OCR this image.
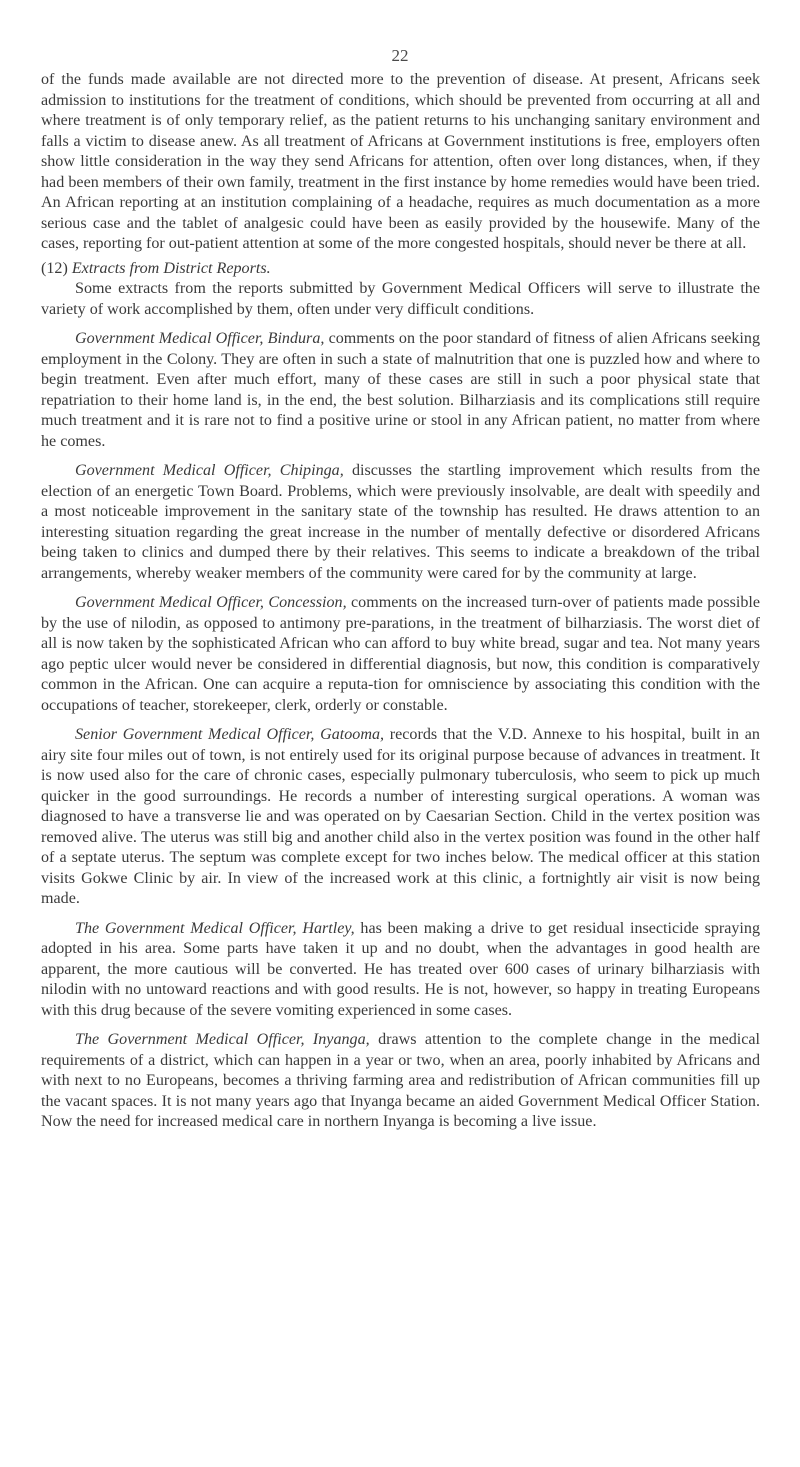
22

of the funds made available are not directed more to the prevention of disease. At present, Africans seek admission to institutions for the treatment of conditions, which should be prevented from occurring at all and where treatment is of only temporary relief, as the patient returns to his unchanging sanitary environment and falls a victim to disease anew. As all treatment of Africans at Government institutions is free, employers often show little consideration in the way they send Africans for attention, often over long distances, when, if they had been members of their own family, treatment in the first instance by home remedies would have been tried. An African reporting at an institution complaining of a headache, requires as much documentation as a more serious case and the tablet of analgesic could have been as easily provided by the housewife. Many of the cases, reporting for out-patient attention at some of the more congested hospitals, should never be there at all.

(12) Extracts from District Reports.

Some extracts from the reports submitted by Government Medical Officers will serve to illustrate the variety of work accomplished by them, often under very difficult conditions.

Government Medical Officer, Bindura, comments on the poor standard of fitness of alien Africans seeking employment in the Colony. They are often in such a state of malnutrition that one is puzzled how and where to begin treatment. Even after much effort, many of these cases are still in such a poor physical state that repatriation to their home land is, in the end, the best solution. Bilharziasis and its complications still require much treatment and it is rare not to find a positive urine or stool in any African patient, no matter from where he comes.

Government Medical Officer, Chipinga, discusses the startling improvement which results from the election of an energetic Town Board. Problems, which were previously insolvable, are dealt with speedily and a most noticeable improvement in the sanitary state of the township has resulted. He draws attention to an interesting situation regarding the great increase in the number of mentally defective or disordered Africans being taken to clinics and dumped there by their relatives. This seems to indicate a breakdown of the tribal arrangements, whereby weaker members of the community were cared for by the community at large.

Government Medical Officer, Concession, comments on the increased turn-over of patients made possible by the use of nilodin, as opposed to antimony pre-parations, in the treatment of bilharziasis. The worst diet of all is now taken by the sophisticated African who can afford to buy white bread, sugar and tea. Not many years ago peptic ulcer would never be considered in differential diagnosis, but now, this condition is comparatively common in the African. One can acquire a reputa-tion for omniscience by associating this condition with the occupations of teacher, storekeeper, clerk, orderly or constable.

Senior Government Medical Officer, Gatooma, records that the V.D. Annexe to his hospital, built in an airy site four miles out of town, is not entirely used for its original purpose because of advances in treatment. It is now used also for the care of chronic cases, especially pulmonary tuberculosis, who seem to pick up much quicker in the good surroundings. He records a number of interesting surgical operations. A woman was diagnosed to have a transverse lie and was operated on by Caesarian Section. Child in the vertex position was removed alive. The uterus was still big and another child also in the vertex position was found in the other half of a septate uterus. The septum was complete except for two inches below. The medical officer at this station visits Gokwe Clinic by air. In view of the increased work at this clinic, a fortnightly air visit is now being made.

The Government Medical Officer, Hartley, has been making a drive to get residual insecticide spraying adopted in his area. Some parts have taken it up and no doubt, when the advantages in good health are apparent, the more cautious will be converted. He has treated over 600 cases of urinary bilharziasis with nilodin with no untoward reactions and with good results. He is not, however, so happy in treating Europeans with this drug because of the severe vomiting experienced in some cases.

The Government Medical Officer, Inyanga, draws attention to the complete change in the medical requirements of a district, which can happen in a year or two, when an area, poorly inhabited by Africans and with next to no Europeans, becomes a thriving farming area and redistribution of African communities fill up the vacant spaces. It is not many years ago that Inyanga became an aided Government Medical Officer Station. Now the need for increased medical care in northern Inyanga is becoming a live issue.
